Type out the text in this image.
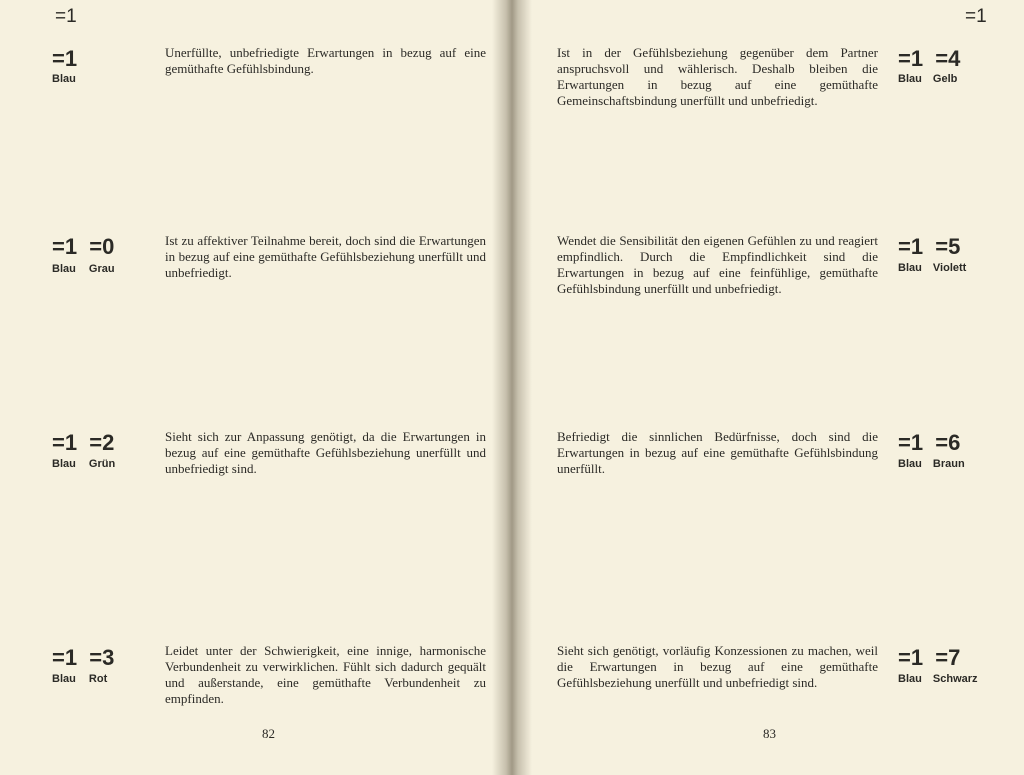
=1
=1
Blau
Unerfüllte, unbefriedigte Erwartungen in bezug auf eine gemüthafte Gefühlsbindung.
=1 =0
Blau Grau
Ist zu affektiver Teilnahme bereit, doch sind die Erwartungen in bezug auf eine gemüthafte Gefühlsbeziehung unerfüllt und unbefriedigt.
=1 =2
Blau Grün
Sieht sich zur Anpassung genötigt, da die Erwartungen in bezug auf eine gemüthafte Gefühlsbeziehung unerfüllt und unbefriedigt sind.
=1 =3
Blau Rot
Leidet unter der Schwierigkeit, eine innige, harmonische Verbundenheit zu verwirklichen. Fühlt sich dadurch gequält und außerstande, eine gemüthafte Verbundenheit zu empfinden.
82
=1
Ist in der Gefühlsbeziehung gegenüber dem Partner anspruchsvoll und wählerisch. Deshalb bleiben die Erwartungen in bezug auf eine gemüthafte Gemeinschaftsbindung unerfüllt und unbefriedigt.
=1 =4
Blau Gelb
Wendet die Sensibilität den eigenen Gefühlen zu und reagiert empfindlich. Durch die Empfindlichkeit sind die Erwartungen in bezug auf eine feinfühlige, gemüthafte Gefühlsbindung unerfüllt und unbefriedigt.
=1 =5
Blau Violett
Befriedigt die sinnlichen Bedürfnisse, doch sind die Erwartungen in bezug auf eine gemüthafte Gefühlsbindung unerfüllt.
=1 =6
Blau Braun
Sieht sich genötigt, vorläufig Konzessionen zu machen, weil die Erwartungen in bezug auf eine gemüthafte Gefühlsbeziehung unerfüllt und unbefriedigt sind.
=1 =7
Blau Schwarz
83
